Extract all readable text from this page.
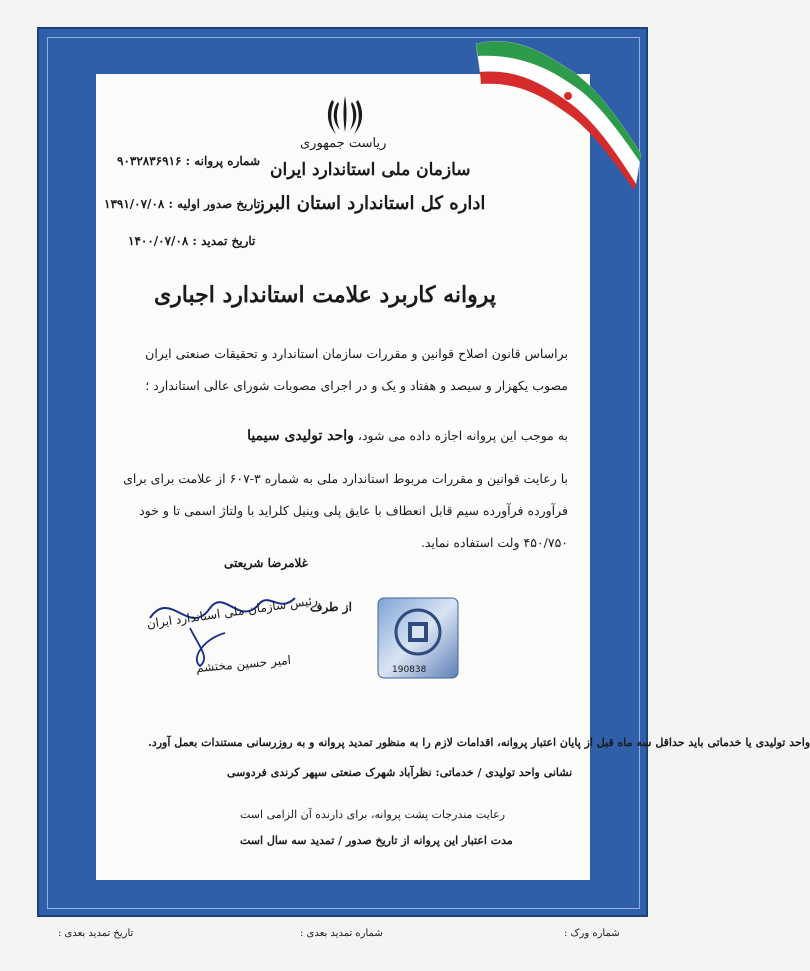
ریاست جمهوری
سازمان ملی استاندارد ایران
اداره کل استاندارد استان البرز
شماره پروانه : ۹۰۳۲۸۳۶۹۱۶
تاریخ صدور اولیه : ۱۳۹۱/۰۷/۰۸
تاریخ تمدید : ۱۴۰۰/۰۷/۰۸
پروانه کاربرد علامت استاندارد اجباری
براساس قانون اصلاح قوانین و مقررات سازمان استاندارد و تحقیقات صنعتی ایران مصوب یکهزار و سیصد و هفتاد و یک و در اجرای مصوبات شورای عالی استاندارد ؛
به موجب این پروانه اجازه داده می شود، واحد تولیدی سیمیا
با رعایت قوانین و مقررات مربوط استاندارد ملی به شماره ۳-۶۰۷ از علامت برای برای فرآورده فرآورده سیم قابل انعطاف با عایق پلی وینیل کلراید با ولتاژ اسمی تا و خود ۴۵۰/۷۵۰ ولت استفاده نماید.
غلامرضا شریعتی
از طرف
رئیس سازمان ملی استاندارد ایران
امیر حسین مختشم	190838
واحد تولیدی یا خدماتی باید حداقل سه ماه قبل از پایان اعتبار پروانه، اقدامات لازم را به منظور تمدید پروانه و به روزرسانی مستندات بعمل آورد.
نشانی واحد تولیدی / خدماتی: نظرآباد شهرک صنعتی سپهر کرندی فردوسی
رعایت مندرجات پشت پروانه، برای دارنده آن الزامی است
مدت اعتبار این پروانه از تاریخ صدور / تمدید سه سال است
تاریخ تمدید بعدی :	شماره تمدید بعدی :	شماره ورک :
